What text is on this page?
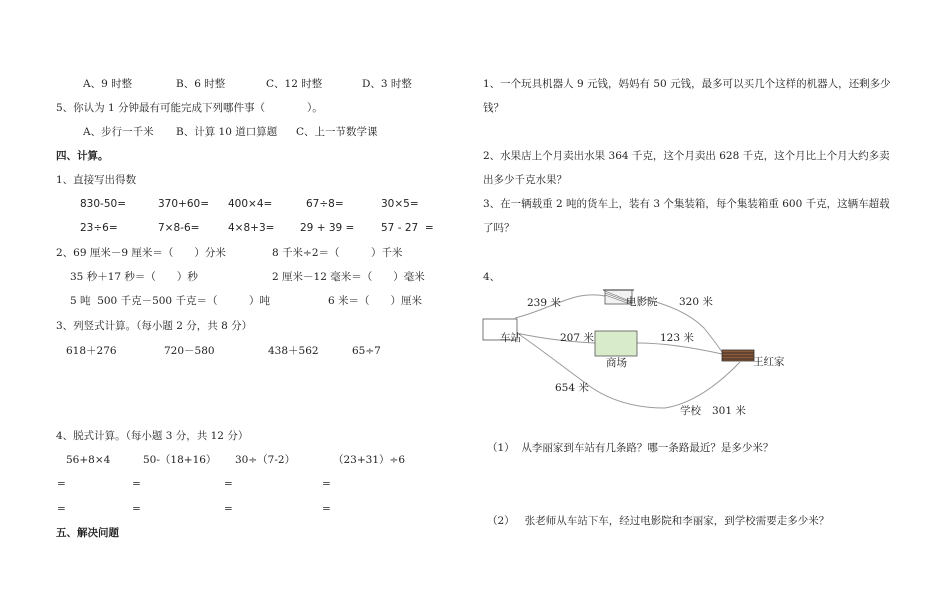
A、9 时整	B、6 时整	C、12 时整	D、3 时整
5、你认为 1 分钟最有可能完成下列哪件事（　　　　）。
A、步行一千米 B、计算 10 道口算题 C、上一节数学课
四、计算。
1、直接写出得数
830-50=	370+60= 400×4=	67÷8=	30×5=
23÷6=	7×8-6=	4×8+3= 29 + 39 =	57 - 27  =
2、69 厘米－9 厘米＝（　　）分米	8 千米÷2＝（　　　）千米
35 秒＋17 秒＝（　　）秒	2 厘米－12 毫米＝（　　）毫米
5 吨  500 千克－500 千克＝（　　　）吨	6 米＝（　　）厘米
3、列竖式计算。（每小题 2 分，共 8 分）
618＋276	720－580	438＋562	65÷7
4、脱式计算。（每小题 3 分，共 12 分）
56+8×4	50-（18+16） 30÷（7-2）	（23+31）÷6
=	=	=	=
=	=	=	=
五、解决问题
1、一个玩具机器人 9 元钱，妈妈有 50 元钱，最多可以买几个这样的机器人，还剩多少
钱？
2、水果店上个月卖出水果 364 千克，这个月卖出 628 千克，这个月比上个月大约多卖
出多少千克水果？
3、在一辆载重 2 吨的货车上，装有 3 个集装箱，每个集装箱重 600 千克，这辆车超载
了吗？
4、
车站
电影院
商场	王红家
学校
239 米	320 米
207 米	123 米
654 米
301 米
（1）  从李丽家到车站有几条路？哪一条路最近？是多少米？
（2）   张老师从车站下车，经过电影院和李丽家，到学校需要走多少米？
